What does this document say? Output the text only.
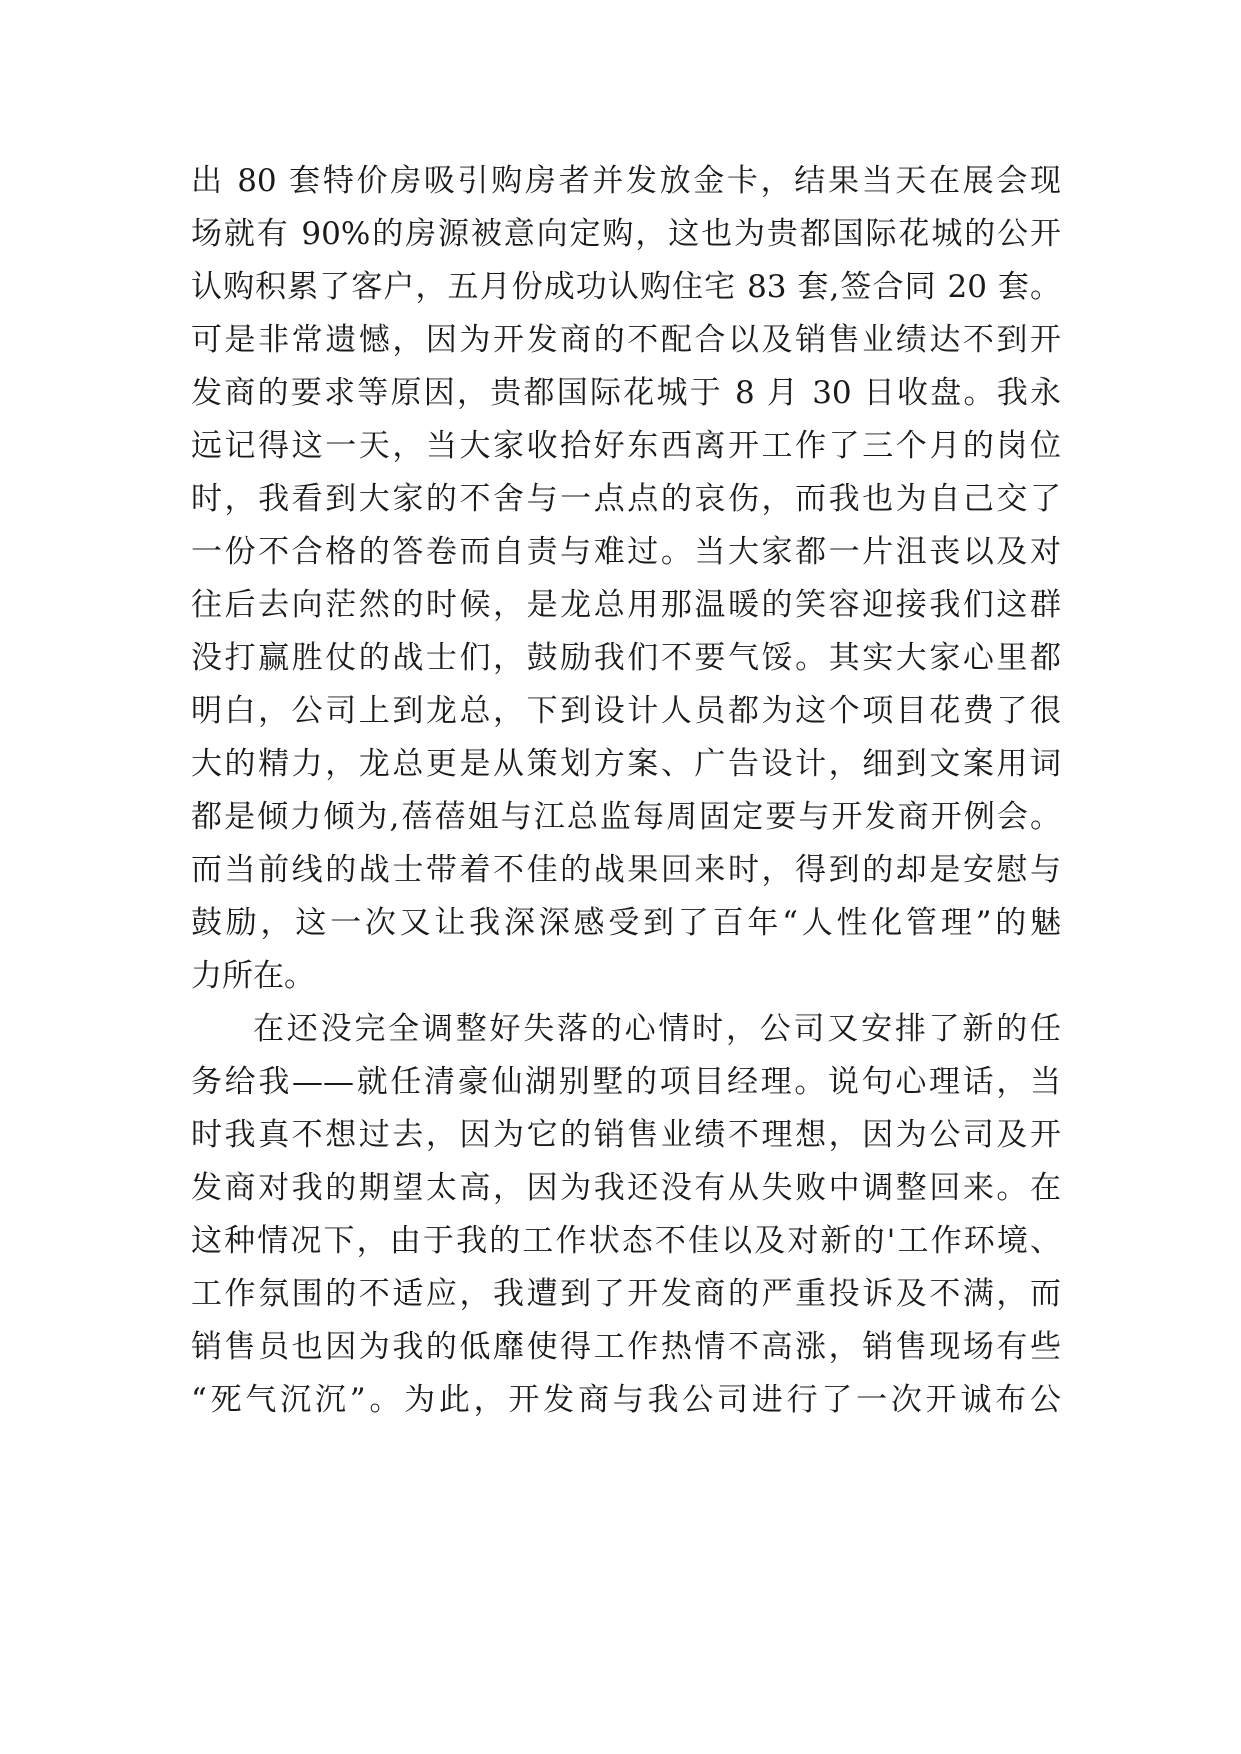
出 80 套特价房吸引购房者并发放金卡，结果当天在展会现
场就有 90%的房源被意向定购，这也为贵都国际花城的公开
认购积累了客户，五月份成功认购住宅 83 套,签合同 20 套。
可是非常遗憾，因为开发商的不配合以及销售业绩达不到开
发商的要求等原因，贵都国际花城于 8 月 30 日收盘。我永
远记得这一天，当大家收拾好东西离开工作了三个月的岗位
时，我看到大家的不舍与一点点的哀伤，而我也为自己交了
一份不合格的答卷而自责与难过。当大家都一片沮丧以及对
往后去向茫然的时候，是龙总用那温暖的笑容迎接我们这群
没打赢胜仗的战士们，鼓励我们不要气馁。其实大家心里都
明白，公司上到龙总，下到设计人员都为这个项目花费了很
大的精力，龙总更是从策划方案、广告设计，细到文案用词
都是倾力倾为,蓓蓓姐与江总监每周固定要与开发商开例会。
而当前线的战士带着不佳的战果回来时，得到的却是安慰与
鼓励，这一次又让我深深感受到了百年“人性化管理”的魅
力所在。
在还没完全调整好失落的心情时，公司又安排了新的任
务给我——就任清豪仙湖别墅的项目经理。说句心理话，当
时我真不想过去，因为它的销售业绩不理想，因为公司及开
发商对我的期望太高，因为我还没有从失败中调整回来。在
这种情况下，由于我的工作状态不佳以及对新的'工作环境、
工作氛围的不适应，我遭到了开发商的严重投诉及不满，而
销售员也因为我的低靡使得工作热情不高涨，销售现场有些
“死气沉沉”。为此，开发商与我公司进行了一次开诚布公
